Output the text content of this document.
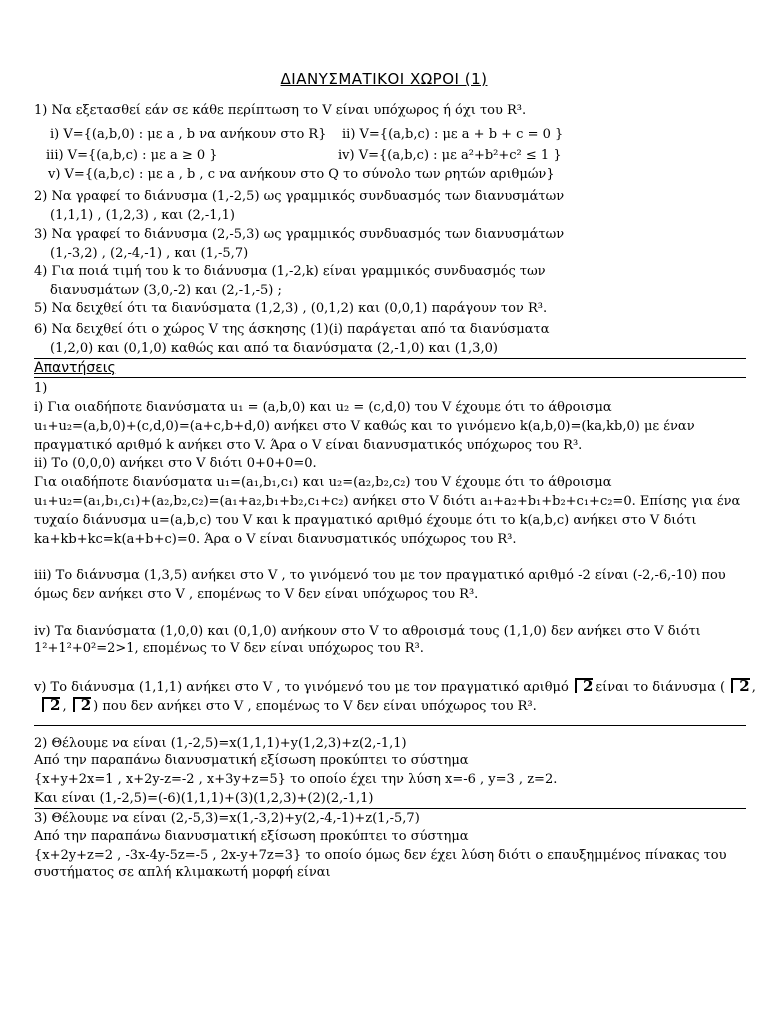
ΔΙΑΝΥΣΜΑΤΙΚΟΙ ΧΩΡΟΙ (1)
1) Να εξετασθεί εάν σε κάθε περίπτωση το V είναι υπόχωρος ή όχι του R³.
i) V={(a,b,0) : με a , b να ανήκουν στο R}	ii) V={(a,b,c) : με a + b + c = 0 }
iii) V={(a,b,c) : με a ≥ 0 }	iv) V={(a,b,c) : με a²+b²+c² ≤ 1 }
v) V={(a,b,c) : με a , b , c να ανήκουν στο Q το σύνολο των ρητών αριθμών}
2) Να γραφεί το διάνυσμα (1,-2,5) ως γραμμικός συνδυασμός των διανυσμάτων
(1,1,1) , (1,2,3) , και (2,-1,1)
3) Να γραφεί το διάνυσμα (2,-5,3) ως γραμμικός συνδυασμός των διανυσμάτων
(1,-3,2) , (2,-4,-1) , και (1,-5,7)
4) Για ποιά τιμή του k το διάνυσμα (1,-2,k) είναι γραμμικός συνδυασμός των
διανυσμάτων (3,0,-2) και (2,-1,-5) ;
5) Να δειχθεί ότι τα διανύσματα (1,2,3) , (0,1,2) και (0,0,1) παράγουν τον R³.
6) Να δειχθεί ότι ο χώρος V της άσκησης (1)(i) παράγεται από τα διανύσματα
(1,2,0) και (0,1,0) καθώς και από τα διανύσματα (2,-1,0) και (1,3,0)
Απαντήσεις
1)
i) Για οιαδήποτε διανύσματα u₁ = (a,b,0) και u₂ = (c,d,0) του V έχουμε ότι το άθροισμα
u₁+u₂=(a,b,0)+(c,d,0)=(a+c,b+d,0) ανήκει στο V καθώς και το γινόμενο k(a,b,0)=(ka,kb,0) με έναν
πραγματικό αριθμό k ανήκει στο V. Άρα ο V είναι διανυσματικός υπόχωρος του R³.
ii) Το (0,0,0) ανήκει στο V διότι 0+0+0=0.
Για οιαδήποτε διανύσματα u₁=(a₁,b₁,c₁) και u₂=(a₂,b₂,c₂) του V έχουμε ότι το άθροισμα
u₁+u₂=(a₁,b₁,c₁)+(a₂,b₂,c₂)=(a₁+a₂,b₁+b₂,c₁+c₂) ανήκει στο V διότι a₁+a₂+b₁+b₂+c₁+c₂=0. Επίσης για ένα
τυχαίο διάνυσμα u=(a,b,c) του V και k πραγματικό αριθμό έχουμε ότι το k(a,b,c) ανήκει στο V διότι
ka+kb+kc=k(a+b+c)=0. Άρα ο V είναι διανυσματικός υπόχωρος του R³.
iii) Το διάνυσμα (1,3,5) ανήκει στο V , το γινόμενό του με τον πραγματικό αριθμό -2 είναι (-2,-6,-10) που
όμως δεν ανήκει στο V , επομένως το V δεν είναι υπόχωρος του R³.
iv) Τα διανύσματα (1,0,0) και (0,1,0) ανήκουν στο V το αθροισμά τους (1,1,0) δεν ανήκει στο V διότι
1²+1²+0²=2>1, επομένως το V δεν είναι υπόχωρος του R³.
v) Το διάνυσμα (1,1,1) ανήκει στο V , το γινόμενό του με τον πραγματικό αριθμό 2 είναι το διάνυσμα ( 2 ,
2 , 2 ) που δεν ανήκει στο V , επομένως το V δεν είναι υπόχωρος του R³.
2) Θέλουμε να είναι (1,-2,5)=x(1,1,1)+y(1,2,3)+z(2,-1,1)
Από την παραπάνω διανυσματική εξίσωση προκύπτει το σύστημα
{x+y+2x=1 , x+2y-z=-2 , x+3y+z=5} το οποίο έχει την λύση x=-6 , y=3 , z=2.
Και είναι (1,-2,5)=(-6)(1,1,1)+(3)(1,2,3)+(2)(2,-1,1)
3) Θέλουμε να είναι (2,-5,3)=x(1,-3,2)+y(2,-4,-1)+z(1,-5,7)
Από την παραπάνω διανυσματική εξίσωση προκύπτει το σύστημα
{x+2y+z=2 , -3x-4y-5z=-5 , 2x-y+7z=3} το οποίο όμως δεν έχει λύση διότι ο επαυξημμένος πίνακας του
συστήματος σε απλή κλιμακωτή μορφή είναι
